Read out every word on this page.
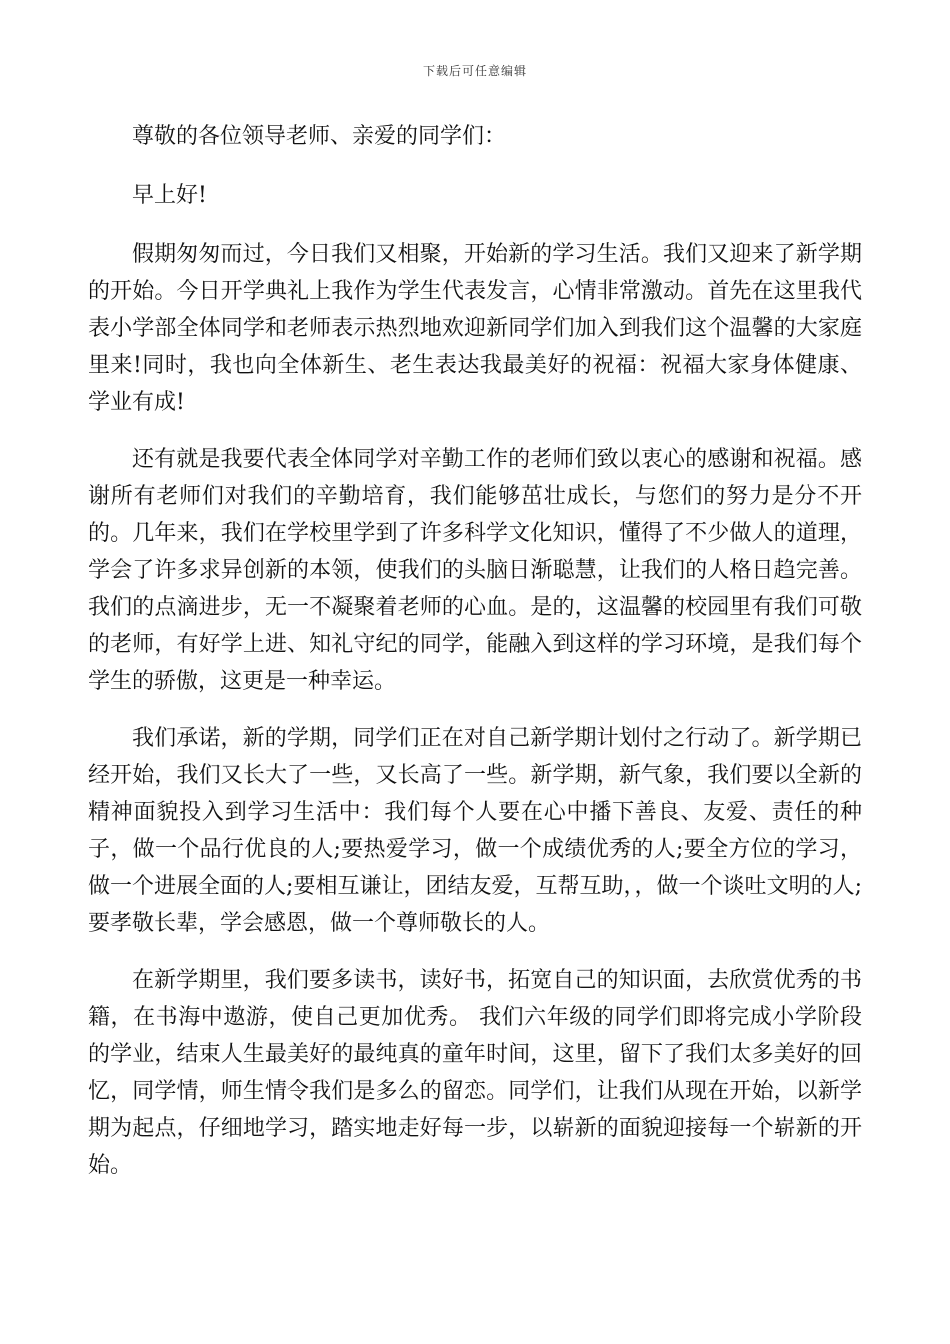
下载后可任意编辑

尊敬的各位领导老师、亲爱的同学们：

早上好!

假期匆匆而过，今日我们又相聚，开始新的学习生活。我们又迎来了新学期的开始。今日开学典礼上我作为学生代表发言，心情非常激动。首先在这里我代表小学部全体同学和老师表示热烈地欢迎新同学们加入到我们这个温馨的大家庭里来!同时，我也向全体新生、老生表达我最美好的祝福：祝福大家身体健康、学业有成!

还有就是我要代表全体同学对辛勤工作的老师们致以衷心的感谢和祝福。感谢所有老师们对我们的辛勤培育，我们能够茁壮成长，与您们的努力是分不开的。几年来，我们在学校里学到了许多科学文化知识，懂得了不少做人的道理，学会了许多求异创新的本领，使我们的头脑日渐聪慧，让我们的人格日趋完善。我们的点滴进步，无一不凝聚着老师的心血。是的，这温馨的校园里有我们可敬的老师，有好学上进、知礼守纪的同学，能融入到这样的学习环境，是我们每个学生的骄傲，这更是一种幸运。

我们承诺，新的学期，同学们正在对自己新学期计划付之行动了。新学期已经开始，我们又长大了一些，又长高了一些。新学期，新气象，我们要以全新的精神面貌投入到学习生活中：我们每个人要在心中播下善良、友爱、责任的种子，做一个品行优良的人;要热爱学习，做一个成绩优秀的人;要全方位的学习，做一个进展全面的人;要相互谦让，团结友爱，互帮互助，，做一个谈吐文明的人;要孝敬长辈，学会感恩，做一个尊师敬长的人。

在新学期里，我们要多读书，读好书，拓宽自己的知识面，去欣赏优秀的书籍，在书海中遨游，使自己更加优秀。 我们六年级的同学们即将完成小学阶段的学业，结束人生最美好的最纯真的童年时间，这里，留下了我们太多美好的回忆，同学情，师生情令我们是多么的留恋。同学们，让我们从现在开始，以新学期为起点，仔细地学习，踏实地走好每一步，以崭新的面貌迎接每一个崭新的开始。
